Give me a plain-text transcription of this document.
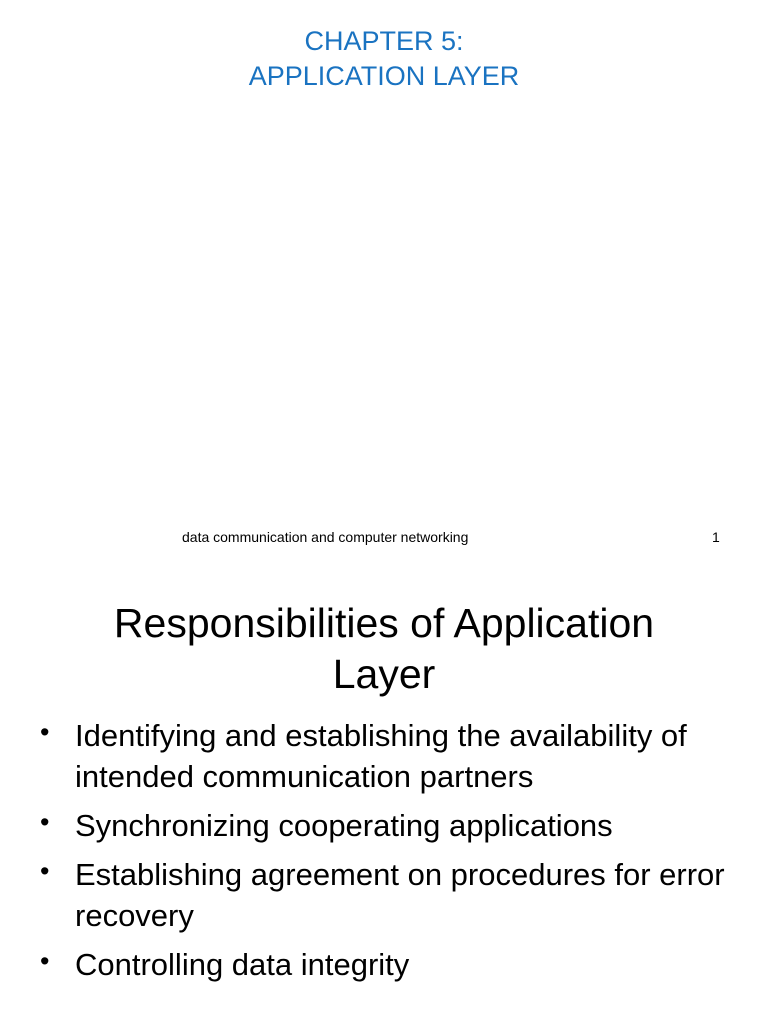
CHAPTER 5:
APPLICATION LAYER
data communication and computer networking	1
Responsibilities of Application
Layer
• Identifying and establishing the availability of intended communication partners
• Synchronizing cooperating applications
• Establishing agreement on procedures for error recovery
• Controlling data integrity
